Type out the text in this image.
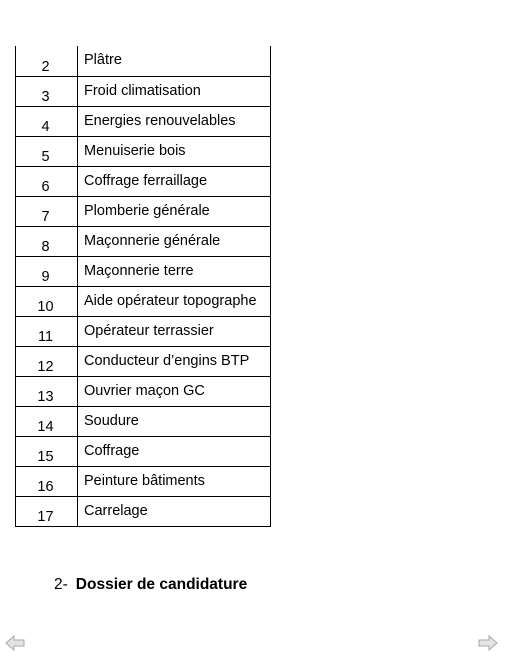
2	Plâtre
3	Froid climatisation
4	Energies renouvelables
5	Menuiserie bois
6	Coffrage ferraillage
7	Plomberie générale
8	Maçonnerie générale
9	Maçonnerie terre
10	Aide opérateur topographe
11	Opérateur terrassier
12	Conducteur d’engins BTP
13	Ouvrier maçon GC
14	Soudure
15	Coffrage
16	Peinture bâtiments
17	Carrelage
2- Dossier de candidature
